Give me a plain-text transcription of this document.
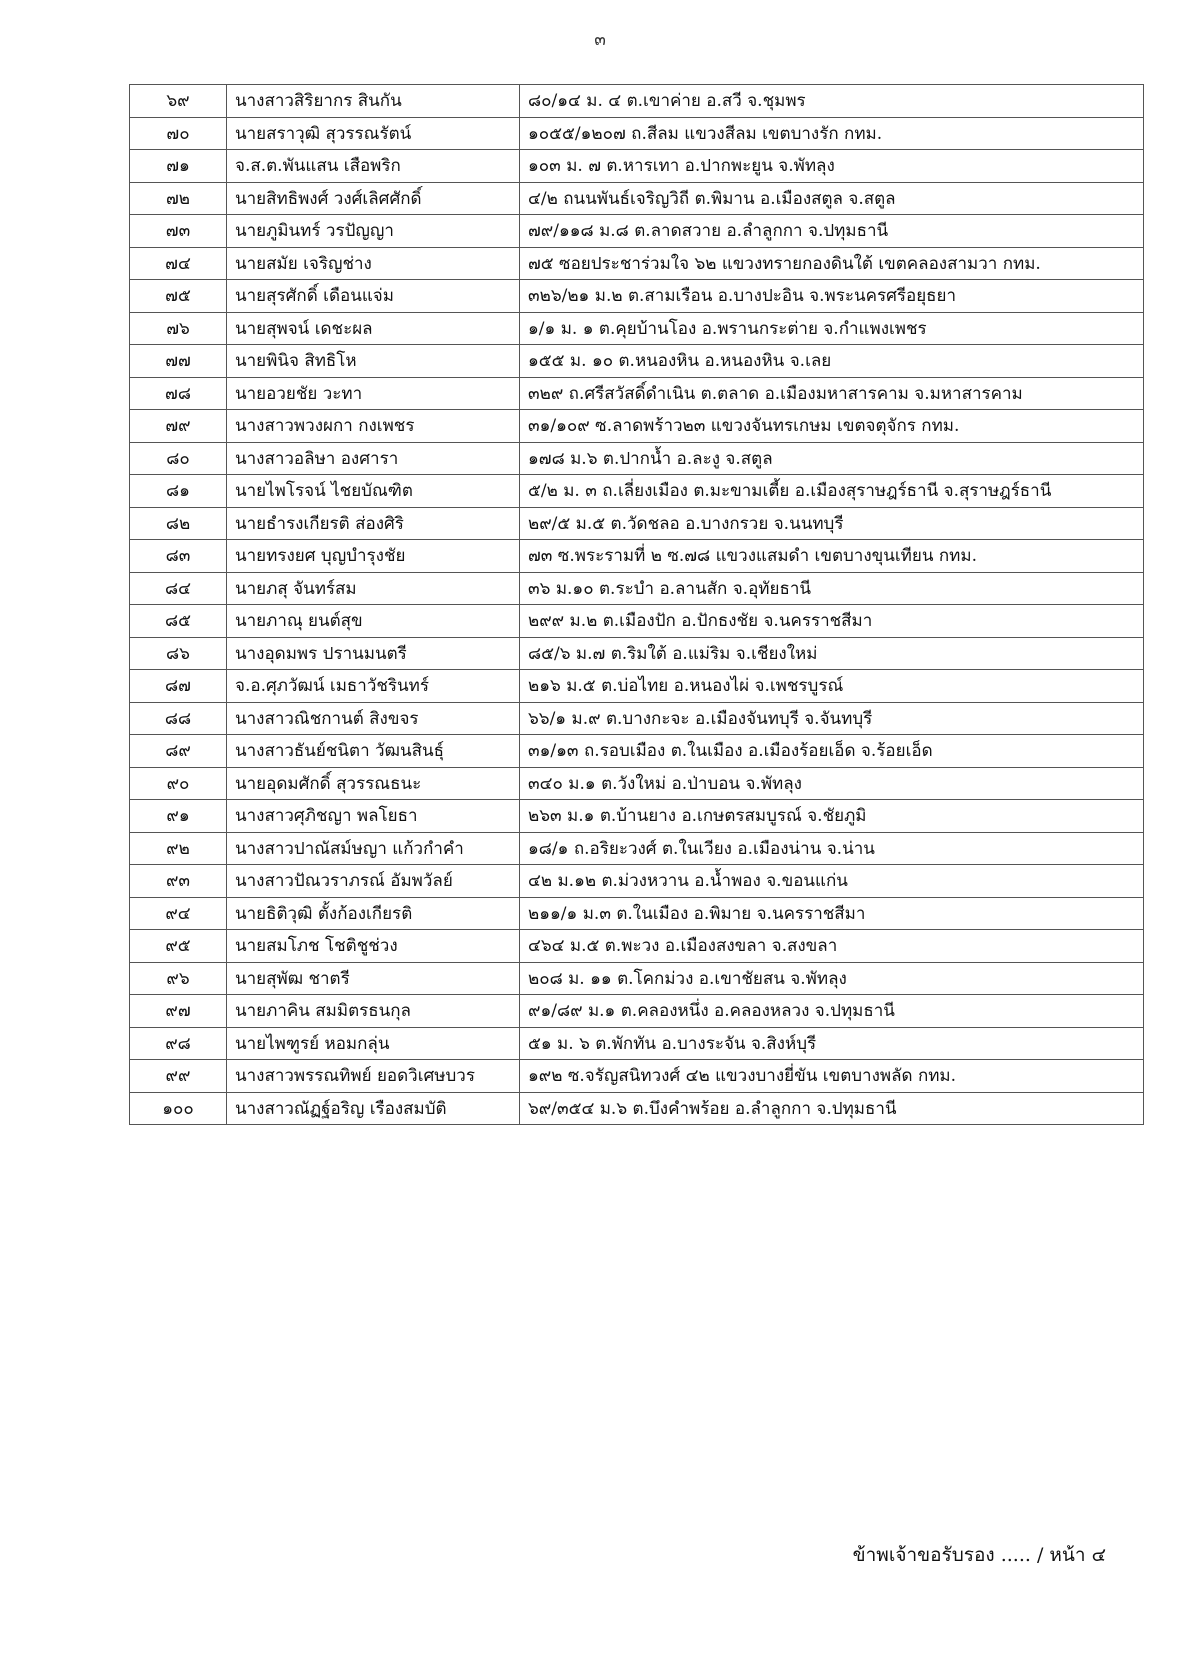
๓
๖๙	นางสาวสิริยากร สินกัน	๘๐/๑๔ ม. ๔ ต.เขาค่าย อ.สวี จ.ชุมพร
๗๐	นายสราวุฒิ สุวรรณรัตน์	๑๐๕๕/๑๒๐๗ ถ.สีลม แขวงสีลม เขตบางรัก กทม.
๗๑	จ.ส.ต.พันแสน เสือพริก	๑๐๓ ม. ๗ ต.หารเทา อ.ปากพะยูน จ.พัทลุง
๗๒	นายสิทธิพงศ์ วงศ์เลิศศักดิ์	๔/๒ ถนนพันธ์เจริญวิถี ต.พิมาน อ.เมืองสตูล จ.สตูล
๗๓	นายภูมินทร์ วรปัญญา	๗๙/๑๑๘ ม.๘ ต.ลาดสวาย อ.ลำลูกกา จ.ปทุมธานี
๗๔	นายสมัย เจริญช่าง	๗๕ ซอยประชาร่วมใจ ๖๒ แขวงทรายกองดินใต้ เขตคลองสามวา กทม.
๗๕	นายสุรศักดิ์ เดือนแจ่ม	๓๒๖/๒๑ ม.๒ ต.สามเรือน อ.บางปะอิน จ.พระนครศรีอยุธยา
๗๖	นายสุพจน์ เดชะผล	๑/๑ ม. ๑ ต.คุยบ้านโอง อ.พรานกระต่าย จ.กำแพงเพชร
๗๗	นายพินิจ สิทธิโห	๑๕๕ ม. ๑๐ ต.หนองหิน อ.หนองหิน จ.เลย
๗๘	นายอวยชัย วะทา	๓๒๙ ถ.ศรีสวัสดิ์ดำเนิน ต.ตลาด อ.เมืองมหาสารคาม จ.มหาสารคาม
๗๙	นางสาวพวงผกา กงเพชร	๓๑/๑๐๙ ซ.ลาดพร้าว๒๓ แขวงจันทรเกษม เขตจตุจักร กทม.
๘๐	นางสาวอลิษา องศารา	๑๗๘ ม.๖ ต.ปากน้ำ อ.ละงู จ.สตูล
๘๑	นายไพโรจน์ ไชยบัณฑิต	๕/๒ ม. ๓ ถ.เลี่ยงเมือง ต.มะขามเตี้ย อ.เมืองสุราษฎร์ธานี จ.สุราษฎร์ธานี
๘๒	นายธำรงเกียรติ ส่องศิริ	๒๙/๕ ม.๕ ต.วัดชลอ อ.บางกรวย จ.นนทบุรี
๘๓	นายทรงยศ บุญบำรุงชัย	๗๓ ซ.พระรามที่ ๒ ซ.๗๘ แขวงแสมดำ เขตบางขุนเทียน กทม.
๘๔	นายภสุ จันทร์สม	๓๖ ม.๑๐ ต.ระบำ อ.ลานสัก จ.อุทัยธานี
๘๕	นายภาณุ ยนต์สุข	๒๙๙ ม.๒ ต.เมืองปัก อ.ปักธงชัย จ.นครราชสีมา
๘๖	นางอุดมพร ปรานมนตรี	๘๕/๖ ม.๗ ต.ริมใต้ อ.แม่ริม จ.เชียงใหม่
๘๗	จ.อ.ศุภวัฒน์ เมธาวัชรินทร์	๒๑๖ ม.๕ ต.บ่อไทย อ.หนองไผ่ จ.เพชรบูรณ์
๘๘	นางสาวณิชกานต์ สิงขจร	๖๖/๑ ม.๙ ต.บางกะจะ อ.เมืองจันทบุรี จ.จันทบุรี
๘๙	นางสาวธันย์ชนิตา วัฒนสินธุ์	๓๑/๑๓ ถ.รอบเมือง ต.ในเมือง อ.เมืองร้อยเอ็ด จ.ร้อยเอ็ด
๙๐	นายอุดมศักดิ์ สุวรรณธนะ	๓๔๐ ม.๑ ต.วังใหม่ อ.ป่าบอน จ.พัทลุง
๙๑	นางสาวศุภิชญา พลโยธา	๒๖๓ ม.๑ ต.บ้านยาง อ.เกษตรสมบูรณ์ จ.ชัยภูมิ
๙๒	นางสาวปาณัสม์ษญา แก้วกำคำ	๑๘/๑ ถ.อริยะวงศ์ ต.ในเวียง อ.เมืองน่าน จ.น่าน
๙๓	นางสาวปัณวราภรณ์ อัมพวัลย์	๔๒ ม.๑๒ ต.ม่วงหวาน อ.น้ำพอง จ.ขอนแก่น
๙๔	นายธิติวุฒิ ตั้งก้องเกียรติ	๒๑๑/๑ ม.๓ ต.ในเมือง อ.พิมาย จ.นครราชสีมา
๙๕	นายสมโภช โชติชูช่วง	๔๖๔ ม.๕ ต.พะวง อ.เมืองสงขลา จ.สงขลา
๙๖	นายสุพัฒ ชาตรี	๒๐๘ ม. ๑๑ ต.โคกม่วง อ.เขาชัยสน จ.พัทลุง
๙๗	นายภาคิน สมมิตรธนกุล	๙๑/๘๙ ม.๑ ต.คลองหนึ่ง อ.คลองหลวง จ.ปทุมธานี
๙๘	นายไพฑูรย์ หอมกลุ่น	๕๑ ม. ๖ ต.พักทัน อ.บางระจัน จ.สิงห์บุรี
๙๙	นางสาวพรรณทิพย์ ยอดวิเศษบวร	๑๙๒ ซ.จรัญสนิทวงศ์ ๔๒ แขวงบางยี่ขัน เขตบางพลัด กทม.
๑๐๐	นางสาวณัฏฐ์อริญ เรืองสมบัติ	๖๙/๓๕๔ ม.๖ ต.บึงคำพร้อย อ.ลำลูกกา จ.ปทุมธานี
ข้าพเจ้าขอรับรอง ..... / หน้า ๔
